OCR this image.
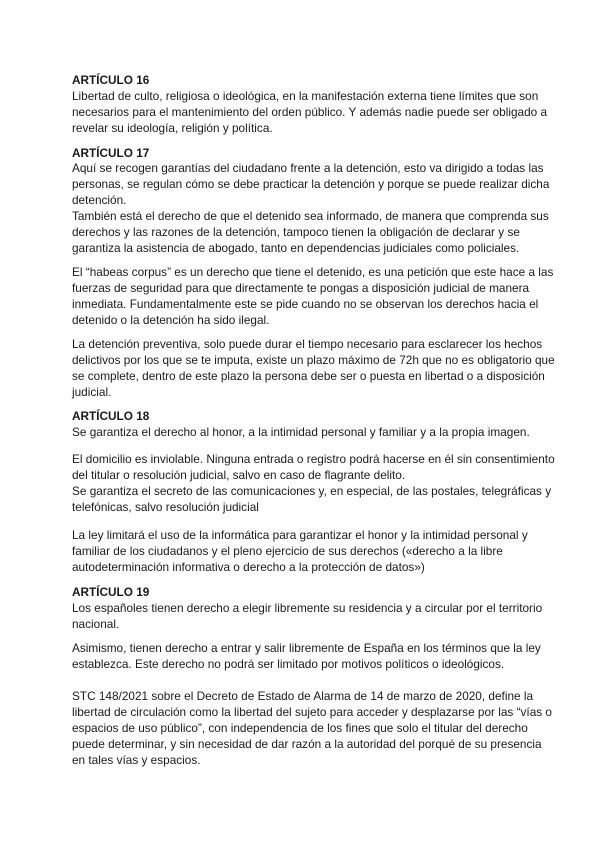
ARTÍCULO 16

Libertad de culto, religiosa o ideológica, en la manifestación externa tiene límites que son

necesarios para el mantenimiento del orden público. Y además nadie puede ser obligado a

revelar su ideología, religión y política.

ARTÍCULO 17

Aquí se recogen garantías del ciudadano frente a la detención, esto va dirigido a todas las

personas, se regulan cómo se debe practicar la detención y porque se puede realizar dicha

detención.

También está el derecho de que el detenido sea informado, de manera que comprenda sus

derechos y las razones de la detención, tampoco tienen la obligación de declarar y se

garantiza la asistencia de abogado, tanto en dependencias judiciales como policiales.

El “habeas corpus” es un derecho que tiene el detenido, es una petición que este hace a las

fuerzas de seguridad para que directamente te pongas a disposición judicial de manera

inmediata. Fundamentalmente este se pide cuando no se observan los derechos hacia el

detenido o la detención ha sido ilegal.

La detención preventiva, solo puede durar el tiempo necesario para esclarecer los hechos

delictivos por los que se te imputa, existe un plazo máximo de 72h que no es obligatorio que

se complete, dentro de este plazo la persona debe ser o puesta en libertad o a disposición

judicial.

ARTÍCULO 18

Se garantiza el derecho al honor, a la intimidad personal y familiar y a la propia imagen.

El domicilio es inviolable. Ninguna entrada o registro podrá hacerse en él sin consentimiento

del titular o resolución judicial, salvo en caso de flagrante delito.

Se garantiza el secreto de las comunicaciones y, en especial, de las postales, telegráficas y

telefónicas, salvo resolución judicial

La ley limitará el uso de la informática para garantizar el honor y la intimidad personal y

familiar de los ciudadanos y el pleno ejercicio de sus derechos («derecho a la libre

autodeterminación informativa o derecho a la protección de datos»)

ARTÍCULO 19

Los españoles tienen derecho a elegir libremente su residencia y a circular por el territorio

nacional.

Asimismo, tienen derecho a entrar y salir libremente de España en los términos que la ley

establezca. Este derecho no podrá ser limitado por motivos políticos o ideológicos.

STC 148/2021 sobre el Decreto de Estado de Alarma de 14 de marzo de 2020, define la

libertad de circulación como la libertad del sujeto para acceder y desplazarse por las “vías o

espacios de uso público”, con independencia de los fines que solo el titular del derecho

puede determinar, y sin necesidad de dar razón a la autoridad del porqué de su presencia

en tales vías y espacios.
